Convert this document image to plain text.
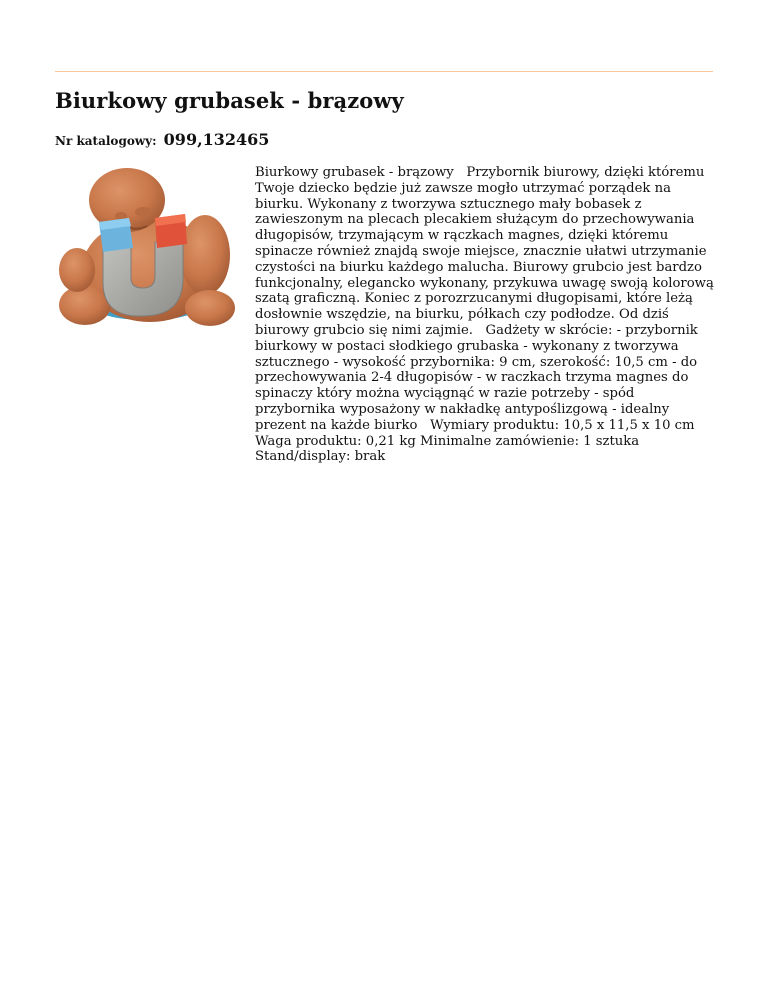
Biurkowy grubasek - brązowy
Nr katalogowy: 099,132465

Biurkowy grubasek - brązowy   Przybornik biurowy, dzięki któremu Twoje dziecko będzie już zawsze mogło utrzymać porządek na biurku. Wykonany z tworzywa sztucznego mały bobasek z zawieszonym na plecach plecakiem służącym do przechowywania długopisów, trzymającym w rączkach magnes, dzięki któremu spinacze również znajdą swoje miejsce, znacznie ułatwi utrzymanie czystości na biurku każdego malucha. Biurowy grubcio jest bardzo funkcjonalny, elegancko wykonany, przykuwa uwagę swoją kolorową szatą graficzną. Koniec z porozrzucanymi długopisami, które leżą dosłownie wszędzie, na biurku, półkach czy podłodze. Od dziś biurowy grubcio się nimi zajmie.   Gadżety w skrócie: - przybornik biurkowy w postaci słodkiego grubaska - wykonany z tworzywa sztucznego - wysokość przybornika: 9 cm, szerokość: 10,5 cm - do przechowywania 2-4 długopisów - w raczkach trzyma magnes do spinaczy który można wyciągnąć w razie potrzeby - spód przybornika wyposażony w nakładkę antypoślizgową - idealny prezent na każde biurko   Wymiary produktu: 10,5 x 11,5 x 10 cm Waga produktu: 0,21 kg Minimalne zamówienie: 1 sztuka Stand/display: brak
